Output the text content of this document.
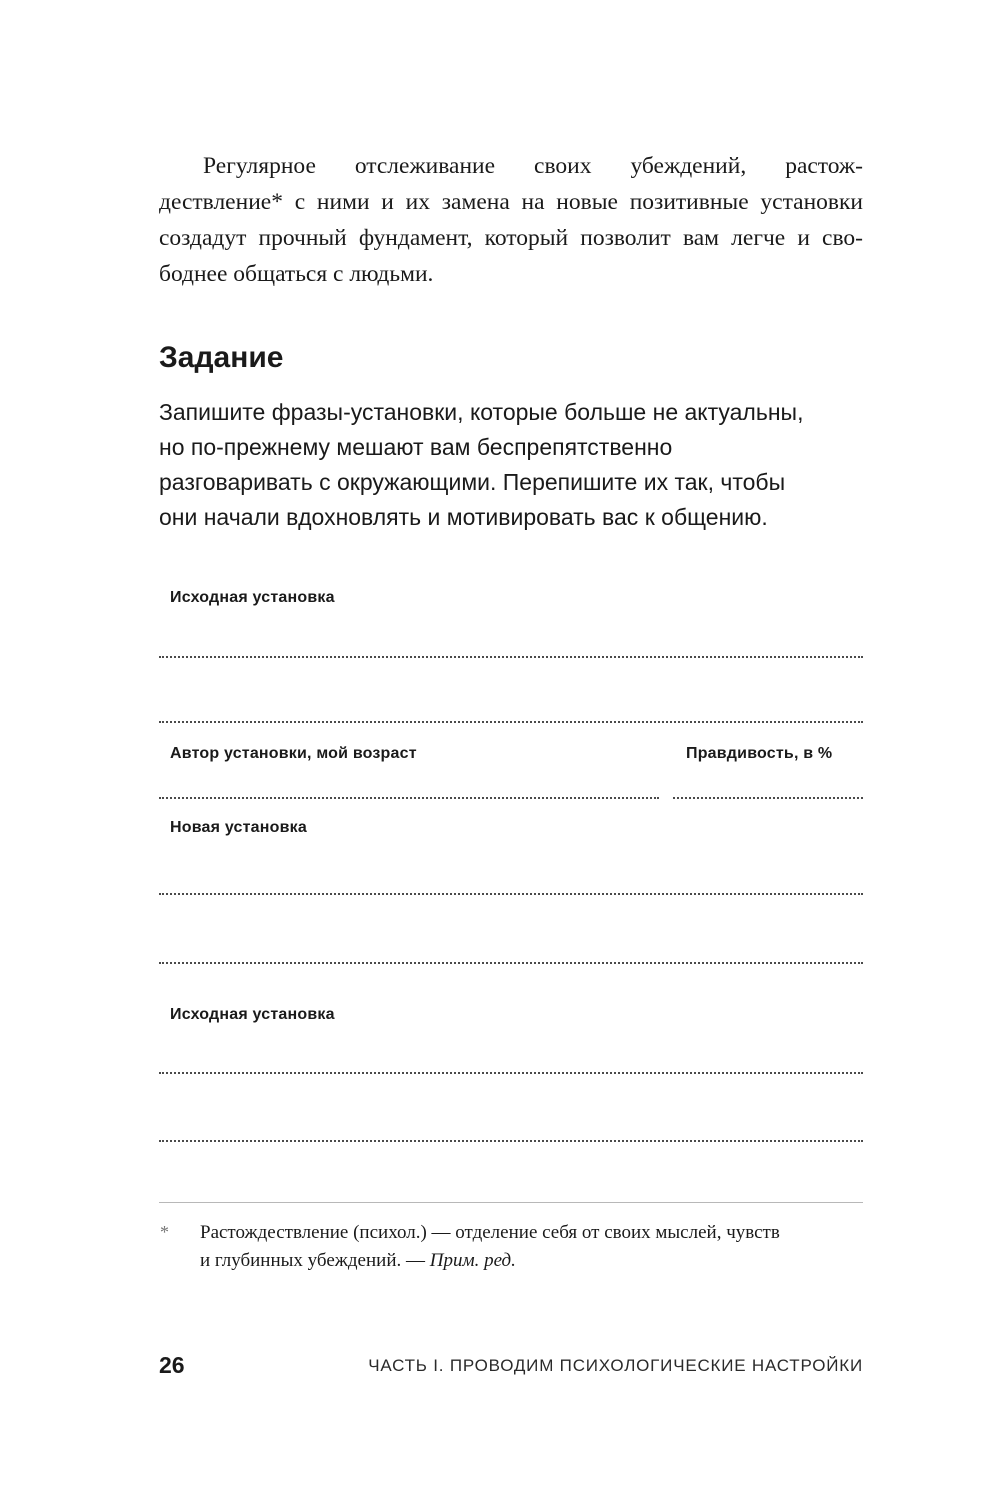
Регулярное отслеживание своих убеждений, растож-
дествление* с ними и их замена на новые позитивные установки
создадут прочный фундамент, который позволит вам легче и сво-
боднее общаться с людьми.
Задание
Запишите фразы-установки, которые больше не актуальны,
но по-прежнему мешают вам беспрепятственно
разговаривать с окружающими. Перепишите их так, чтобы
они начали вдохновлять и мотивировать вас к общению.
Исходная установка
Автор установки, мой возраст	Правдивость, в %
Новая установка
Исходная установка
* Растождествление (психол.) — отделение себя от своих мыслей, чувств
и глубинных убеждений. — Прим. ред.
26	ЧАСТЬ I. ПРОВОДИМ ПСИХОЛОГИЧЕСКИЕ НАСТРОЙКИ
